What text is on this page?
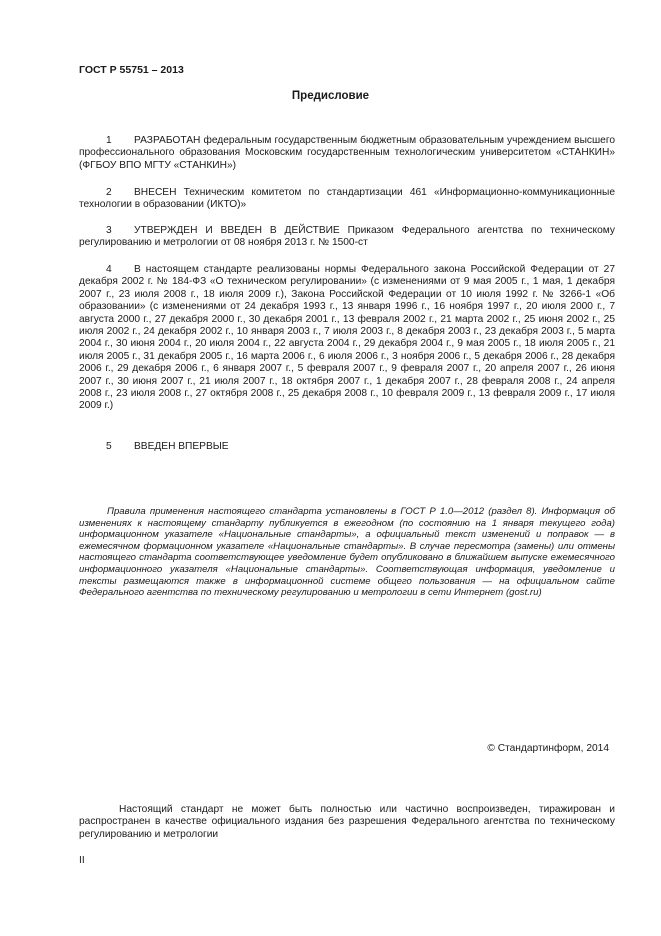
ГОСТ Р 55751 – 2013
Предисловие

1 РАЗРАБОТАН федеральным государственным бюджетным образовательным учреждением высшего профессионального образования Московским государственным технологическим университетом «СТАНКИН» (ФГБОУ ВПО МГТУ «СТАНКИН»)

2 ВНЕСЕН Техническим комитетом по стандартизации 461 «Информационно-коммуникационные технологии в образовании (ИКТО)»

3 УТВЕРЖДЕН И ВВЕДЕН В ДЕЙСТВИЕ Приказом Федерального агентства по техническому регулированию и метрологии от 08 ноября 2013 г. № 1500-ст

4 В настоящем стандарте реализованы нормы Федерального закона Российской Федерации от 27 декабря 2002 г. № 184-ФЗ «О техническом регулировании» (с изменениями от 9 мая 2005 г., 1 мая, 1 декабря 2007 г., 23 июля 2008 г., 18 июля 2009 г.), Закона Российской Федерации от 10 июля 1992 г. № 3266-1 «Об образовании» (с изменениями от 24 декабря 1993 г., 13 января 1996 г., 16 ноября 1997 г., 20 июля 2000 г., 7 августа 2000 г., 27 декабря 2000 г., 30 декабря 2001 г., 13 февраля 2002 г., 21 марта 2002 г., 25 июня 2002 г., 25 июля 2002 г., 24 декабря 2002 г., 10 января 2003 г., 7 июля 2003 г., 8 декабря 2003 г., 23 декабря 2003 г., 5 марта 2004 г., 30 июня 2004 г., 20 июля 2004 г., 22 августа 2004 г., 29 декабря 2004 г., 9 мая 2005 г., 18 июля 2005 г., 21 июля 2005 г., 31 декабря 2005 г., 16 марта 2006 г., 6 июля 2006 г., 3 ноября 2006 г., 5 декабря 2006 г., 28 декабря 2006 г., 29 декабря 2006 г., 6 января 2007 г., 5 февраля 2007 г., 9 февраля 2007 г., 20 апреля 2007 г., 26 июня 2007 г., 30 июня 2007 г., 21 июля 2007 г., 18 октября 2007 г., 1 декабря 2007 г., 28 февраля 2008 г., 24 апреля 2008 г., 23 июля 2008 г., 27 октября 2008 г., 25 декабря 2008 г., 10 февраля 2009 г., 13 февраля 2009 г., 17 июля 2009 г.)

5 ВВЕДЕН ВПЕРВЫЕ

Правила применения настоящего стандарта установлены в ГОСТ Р 1.0—2012 (раздел 8). Информация об изменениях к настоящему стандарту публикуется в ежегодном (по состоянию на 1 января текущего года) информационном указателе «Национальные стандарты», а официальный текст изменений и поправок — в ежемесячном формационном указателе «Национальные стандарты». В случае пересмотра (замены) или отмены настоящего стандарта соответствующее уведомление будет опубликовано в ближайшем выпуске ежемесячного информационного указателя «Национальные стандарты». Соответствующая информация, уведомление и тексты размещаются также в информационной системе общего пользования — на официальном сайте Федерального агентства по техническому регулированию и метрологии в сети Интернет (gost.ru)

© Стандартинформ, 2014

Настоящий стандарт не может быть полностью или частично воспроизведен, тиражирован и распространен в качестве официального издания без разрешения Федерального агентства по техническому регулированию и метрологии

II
